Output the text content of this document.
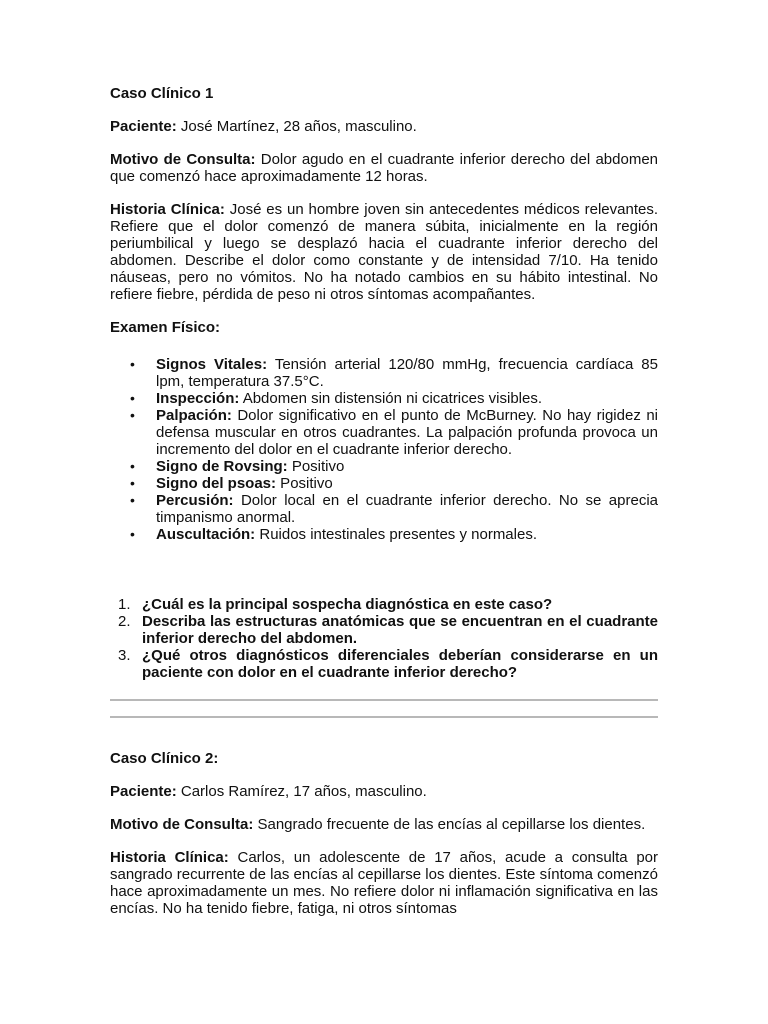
Caso Clínico 1

Paciente: José Martínez, 28 años, masculino.

Motivo de Consulta: Dolor agudo en el cuadrante inferior derecho del abdomen que comenzó hace aproximadamente 12 horas.

Historia Clínica: José es un hombre joven sin antecedentes médicos relevantes. Refiere que el dolor comenzó de manera súbita, inicialmente en la región periumbilical y luego se desplazó hacia el cuadrante inferior derecho del abdomen. Describe el dolor como constante y de intensidad 7/10. Ha tenido náuseas, pero no vómitos. No ha notado cambios en su hábito intestinal. No refiere fiebre, pérdida de peso ni otros síntomas acompañantes.

Examen Físico:

• Signos Vitales: Tensión arterial 120/80 mmHg, frecuencia cardíaca 85 lpm, temperatura 37.5°C.
• Inspección: Abdomen sin distensión ni cicatrices visibles.
• Palpación: Dolor significativo en el punto de McBurney. No hay rigidez ni defensa muscular en otros cuadrantes. La palpación profunda provoca un incremento del dolor en el cuadrante inferior derecho.
• Signo de Rovsing: Positivo
• Signo del psoas: Positivo
• Percusión: Dolor local en el cuadrante inferior derecho. No se aprecia timpanismo anormal.
• Auscultación: Ruidos intestinales presentes y normales.
1. ¿Cuál es la principal sospecha diagnóstica en este caso?
2. Describa las estructuras anatómicas que se encuentran en el cuadrante inferior derecho del abdomen.
3. ¿Qué otros diagnósticos diferenciales deberían considerarse en un paciente con dolor en el cuadrante inferior derecho?

Caso Clínico 2:

Paciente: Carlos Ramírez, 17 años, masculino.

Motivo de Consulta: Sangrado frecuente de las encías al cepillarse los dientes.

Historia Clínica: Carlos, un adolescente de 17 años, acude a consulta por sangrado recurrente de las encías al cepillarse los dientes. Este síntoma comenzó hace aproximadamente un mes. No refiere dolor ni inflamación significativa en las encías. No ha tenido fiebre, fatiga, ni otros síntomas
